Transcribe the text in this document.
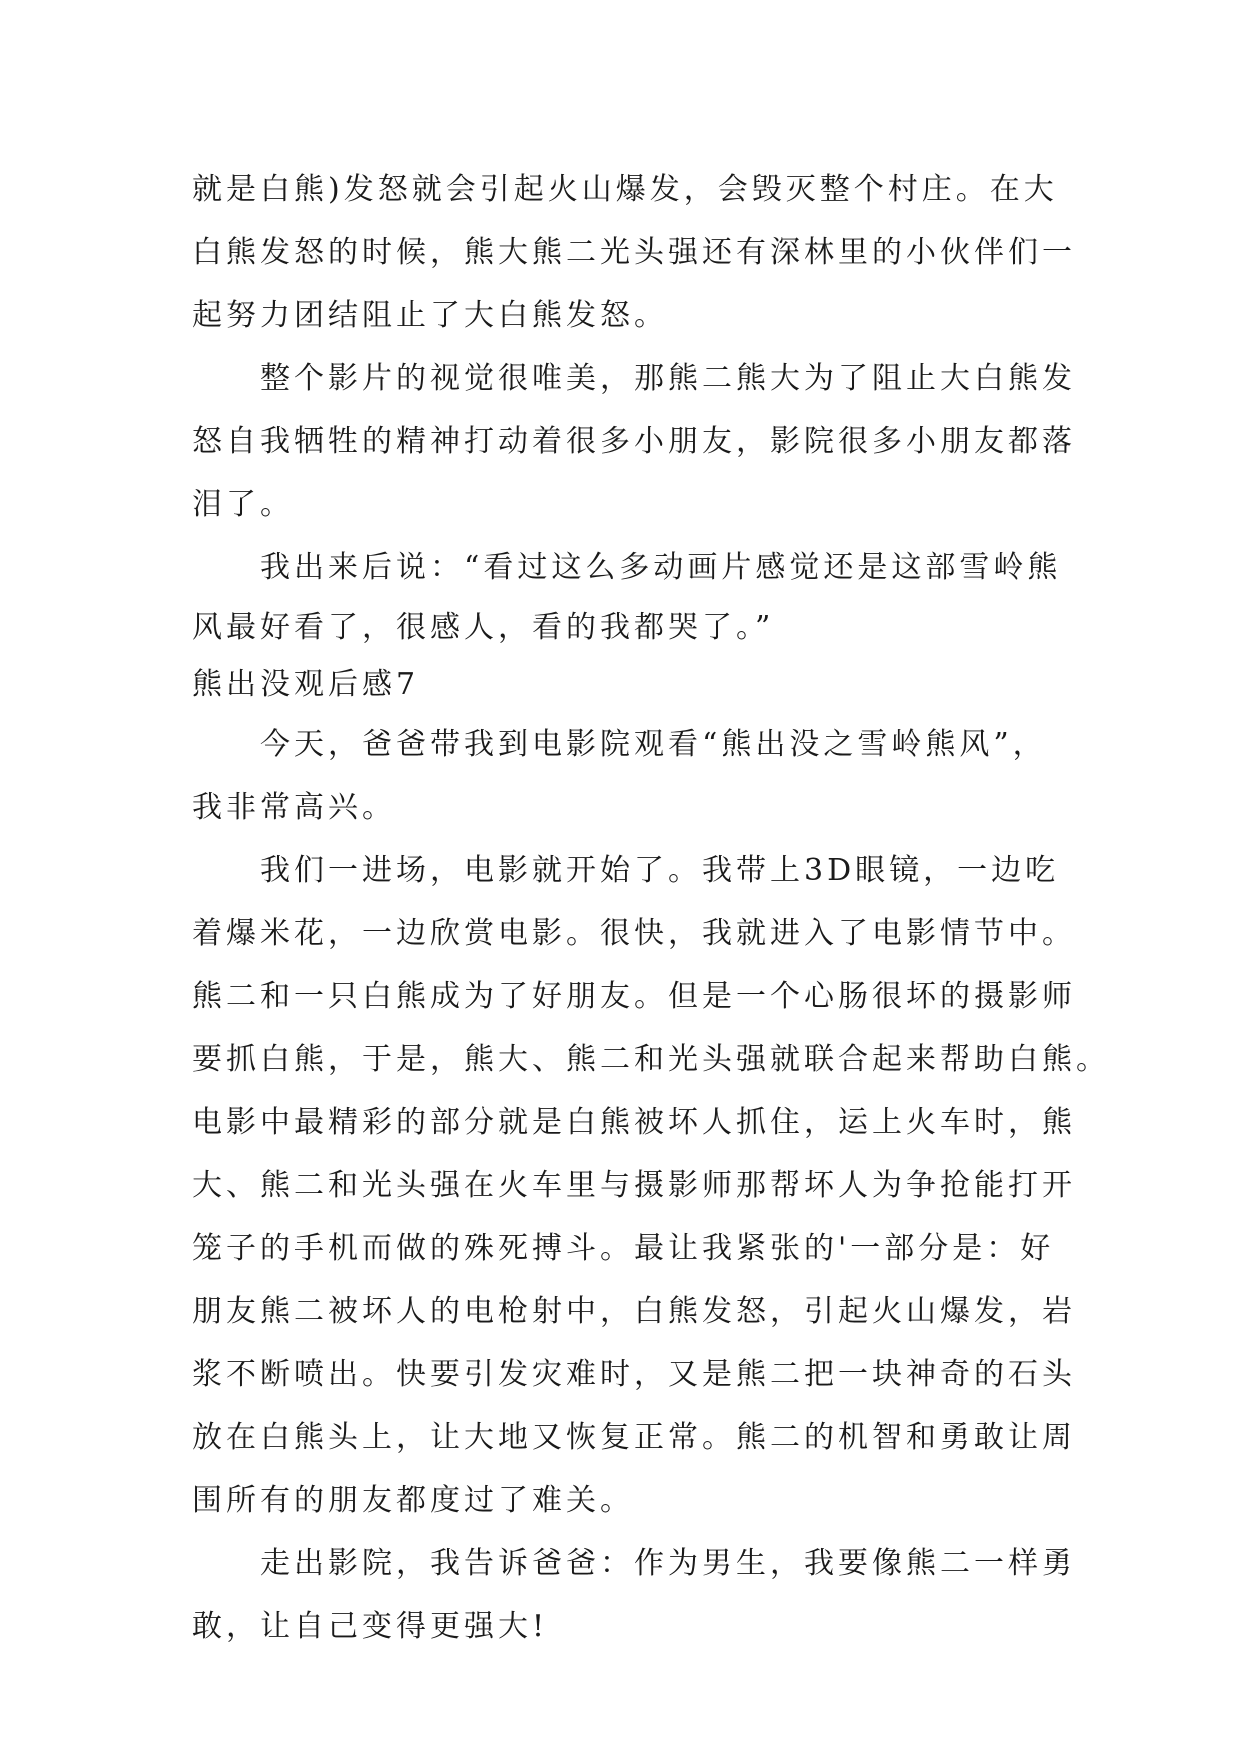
就是白熊)发怒就会引起火山爆发，会毁灭整个村庄。在大
白熊发怒的时候，熊大熊二光头强还有深林里的小伙伴们一
起努力团结阻止了大白熊发怒。
整个影片的视觉很唯美，那熊二熊大为了阻止大白熊发
怒自我牺牲的精神打动着很多小朋友，影院很多小朋友都落
泪了。
我出来后说：“看过这么多动画片感觉还是这部雪岭熊
风最好看了，很感人，看的我都哭了。”
熊出没观后感7
今天，爸爸带我到电影院观看“熊出没之雪岭熊风”，
我非常高兴。
我们一进场，电影就开始了。我带上3D眼镜，一边吃
着爆米花，一边欣赏电影。很快，我就进入了电影情节中。
熊二和一只白熊成为了好朋友。但是一个心肠很坏的摄影师
要抓白熊，于是，熊大、熊二和光头强就联合起来帮助白熊。
电影中最精彩的部分就是白熊被坏人抓住，运上火车时，熊
大、熊二和光头强在火车里与摄影师那帮坏人为争抢能打开
笼子的手机而做的殊死搏斗。最让我紧张的'一部分是：好
朋友熊二被坏人的电枪射中，白熊发怒，引起火山爆发，岩
浆不断喷出。快要引发灾难时，又是熊二把一块神奇的石头
放在白熊头上，让大地又恢复正常。熊二的机智和勇敢让周
围所有的朋友都度过了难关。
走出影院，我告诉爸爸：作为男生，我要像熊二一样勇
敢，让自己变得更强大!
